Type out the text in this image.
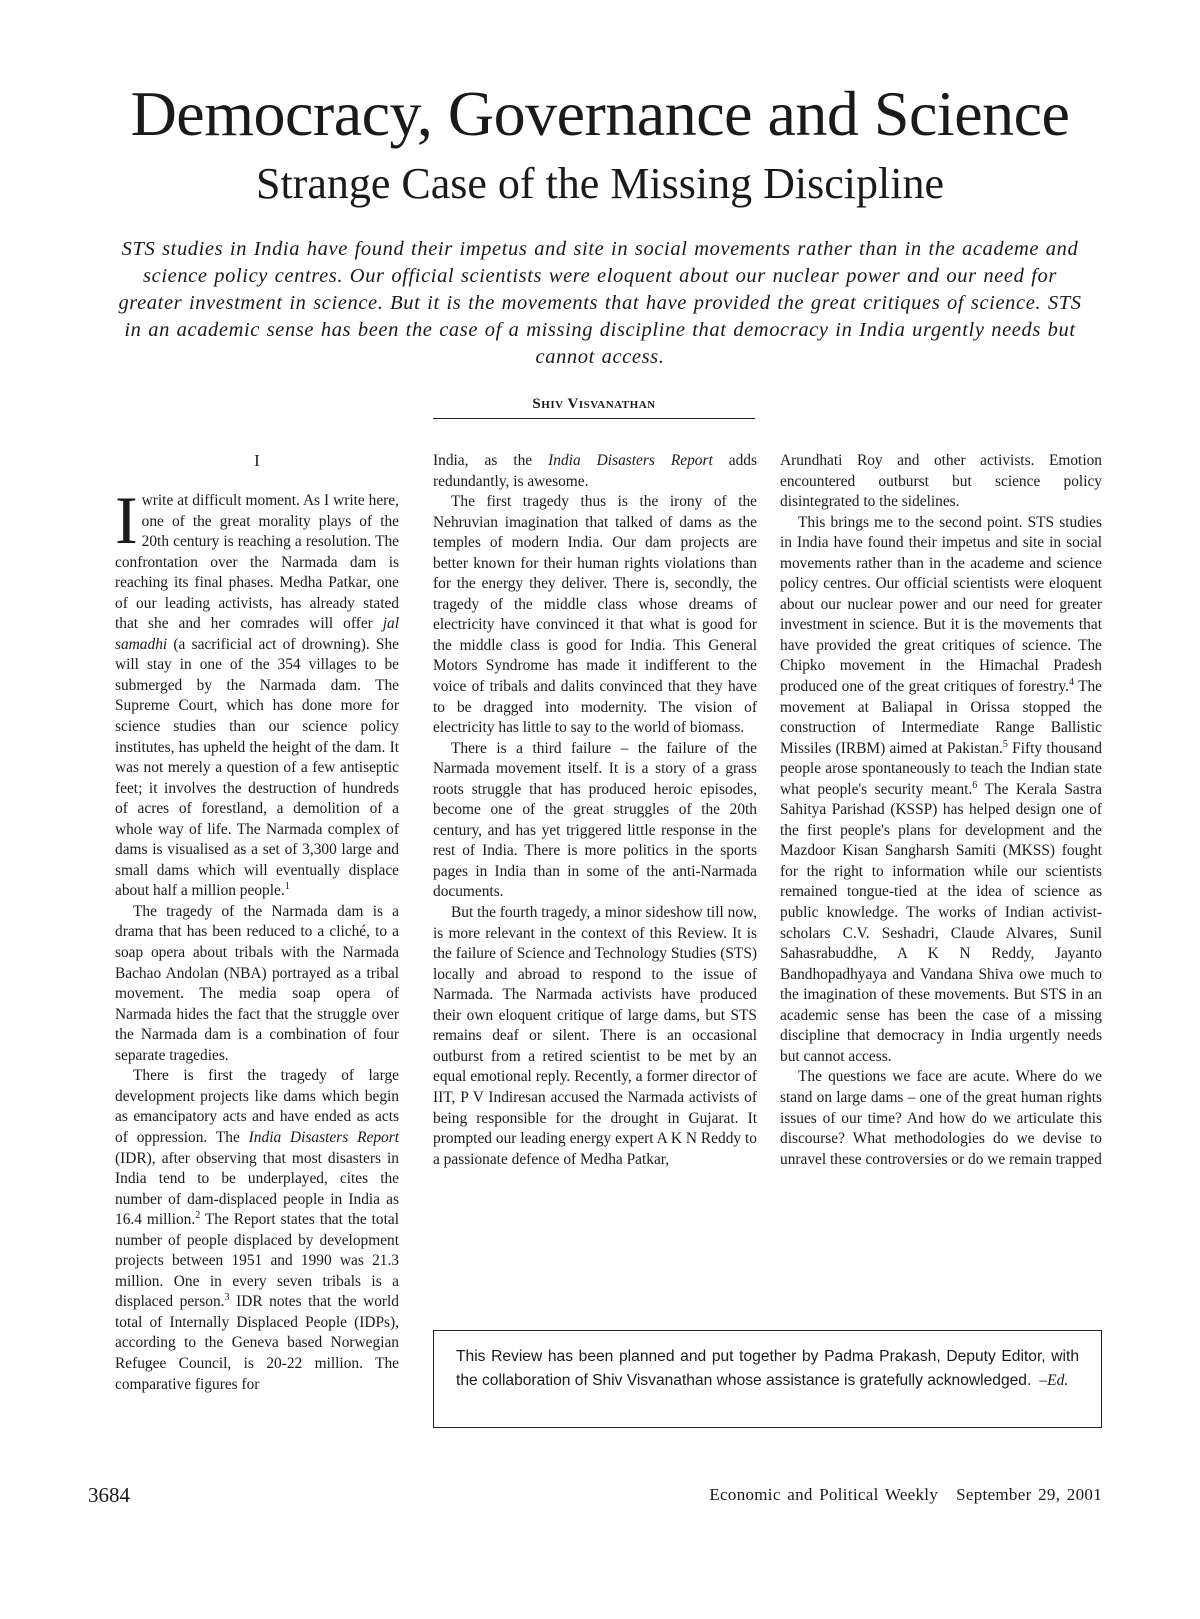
Democracy, Governance and Science
Strange Case of the Missing Discipline
STS studies in India have found their impetus and site in social movements rather than in the academe and science policy centres. Our official scientists were eloquent about our nuclear power and our need for greater investment in science. But it is the movements that have provided the great critiques of science. STS in an academic sense has been the case of a missing discipline that democracy in India urgently needs but cannot access.
Shiv Visvanathan
I

I write at difficult moment. As I write here, one of the great morality plays of the 20th century is reaching a resolution. The confrontation over the Narmada dam is reaching its final phases. Medha Patkar, one of our leading activists, has already stated that she and her comrades will offer jal samadhi (a sacrificial act of drowning). She will stay in one of the 354 villages to be submerged by the Narmada dam. The Supreme Court, which has done more for science studies than our science policy institutes, has upheld the height of the dam. It was not merely a question of a few antiseptic feet; it involves the destruction of hundreds of acres of forestland, a demolition of a whole way of life. The Narmada complex of dams is visualised as a set of 3,300 large and small dams which will eventually displace about half a million people.$^1$

The tragedy of the Narmada dam is a drama that has been reduced to a cliché, to a soap opera about tribals with the Narmada Bachao Andolan (NBA) portrayed as a tribal movement. The media soap opera of Narmada hides the fact that the struggle over the Narmada dam is a combination of four separate tragedies.

There is first the tragedy of large development projects like dams which begin as emancipatory acts and have ended as acts of oppression. The India Disasters Report (IDR), after observing that most disasters in India tend to be underplayed, cites the number of dam-displaced people in India as 16.4 million.$^2$ The Report states that the total number of people displaced by development projects between 1951 and 1990 was 21.3 million. One in every seven tribals is a displaced person.$^3$ IDR notes that the world total of Internally Displaced People (IDPs), according to the Geneva based Norwegian Refugee Council, is 20-22 million. The comparative figures for

India, as the India Disasters Report adds redundantly, is awesome.

The first tragedy thus is the irony of the Nehruvian imagination that talked of dams as the temples of modern India. Our dam projects are better known for their human rights violations than for the energy they deliver. There is, secondly, the tragedy of the middle class whose dreams of electricity have convinced it that what is good for the middle class is good for India. This General Motors Syndrome has made it indifferent to the voice of tribals and dalits convinced that they have to be dragged into modernity. The vision of electricity has little to say to the world of biomass.

There is a third failure – the failure of the Narmada movement itself. It is a story of a grass roots struggle that has produced heroic episodes, become one of the great struggles of the 20th century, and has yet triggered little response in the rest of India. There is more politics in the sports pages in India than in some of the anti-Narmada documents.

But the fourth tragedy, a minor sideshow till now, is more relevant in the context of this Review. It is the failure of Science and Technology Studies (STS) locally and abroad to respond to the issue of Narmada. The Narmada activists have produced their own eloquent critique of large dams, but STS remains deaf or silent. There is an occasional outburst from a retired scientist to be met by an equal emotional reply. Recently, a former director of IIT, P V Indiresan accused the Narmada activists of being responsible for the drought in Gujarat. It prompted our leading energy expert A K N Reddy to a passionate defence of Medha Patkar,

Arundhati Roy and other activists. Emotion encountered outburst but science policy disintegrated to the sidelines.

This brings me to the second point. STS studies in India have found their impetus and site in social movements rather than in the academe and science policy centres. Our official scientists were eloquent about our nuclear power and our need for greater investment in science. But it is the movements that have provided the great critiques of science. The Chipko movement in the Himachal Pradesh produced one of the great critiques of forestry.$^4$ The movement at Baliapal in Orissa stopped the construction of Intermediate Range Ballistic Missiles (IRBM) aimed at Pakistan.$^5$ Fifty thousand people arose spontaneously to teach the Indian state what people's security meant.$^6$ The Kerala Sastra Sahitya Parishad (KSSP) has helped design one of the first people's plans for development and the Mazdoor Kisan Sangharsh Samiti (MKSS) fought for the right to information while our scientists remained tongue-tied at the idea of science as public knowledge. The works of Indian activist-scholars C.V. Seshadri, Claude Alvares, Sunil Sahasrabuddhe, A K N Reddy, Jayanto Bandhopadhyaya and Vandana Shiva owe much to the imagination of these movements. But STS in an academic sense has been the case of a missing discipline that democracy in India urgently needs but cannot access.

The questions we face are acute. Where do we stand on large dams – one of the great human rights issues of our time? And how do we articulate this discourse? What methodologies do we devise to unravel these controversies or do we remain trapped

This Review has been planned and put together by Padma Prakash, Deputy Editor, with the collaboration of Shiv Visvanathan whose assistance is gratefully acknowledged. –Ed.
3684	Economic and Political Weekly September 29, 2001
